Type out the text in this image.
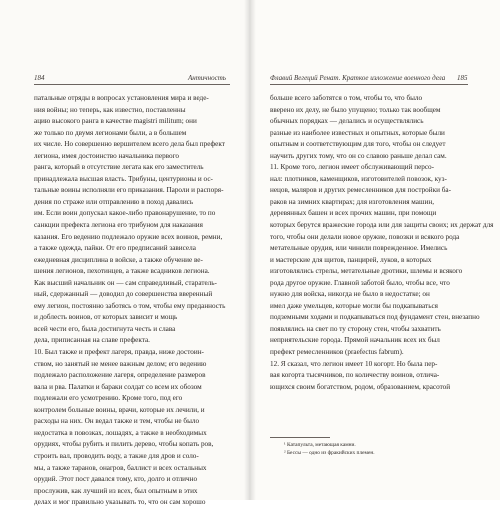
184	Античность
патальные отряды в вопросах установления мира и веде-
ния войны; но теперь, как известно, поставленны
ацию высокого ранга в качестве magistri militum; они
же только по двумя легионами были, а в большем
их числе. Но совершенно вершителем всего дела был префект
легиона, имея достоинство начальника первого
ранга, который в отсутствие легата как его заместитель
принадлежала высшая власть. Трибуны, центурионы и ос-
тальные воины исполняли его приказания. Пароли и распоря-
дения по страже или отправлению в поход давались
им. Если воин допускал какое-либо правонарушение, то по
санкции префекта легиона его трибуном для наказания
казания. Его ведению подлежало оружие всех воинов, ремни,
а также одежда, пайки. От его предписаний зависела
ежедневная дисциплина в войске, а также обучение ве-
шения легионов, пехотинцев, а также всадников легиона.
Как высший начальник он — сам справедливый, старатель-
ный, сдержанный — доводил до совершенства вверенный
ему легион, постоянно заботясь о том, чтобы ему преданность
и доблесть воинов, от которых зависит и мощь
всей чести его, была достигнута честь и слава
дела, приписанная на славе префекта.
10. Был также и префект лагеря, правда, ниже достоин-
ством, но занятый не менее важным делом; его ведению
подлежало расположение лагеря, определение размеров
вала и рва. Палатки и бараки солдат со всем их обозом
подлежали его усмотрению. Кроме того, под его
контролем больные воины, врачи, которые их лечили, и
расходы на них. Он ведал также и тем, чтобы не было
недостатка в повозках, лошадях, а также в необходимых
орудиях, чтобы рубить и пилить дерево, чтобы копать ров,
строить вал, проводить воду, а также для дров и соло-
мы, а также таранов, онагров, баллист и всех остальных
орудий. Этот пост давался тому, кто, долго и отлично
прослужив, как лучший из всех, был опытным в этих
делах и мог правильно указывать то, что он сам хорошо
Флавий Вегеций Ренат. Краткое изложение военного дела 185
больше всего заботятся о том, чтобы то, что было
вверено их делу, не было упущено; только так вообщем
обычных порядках — делались и осуществлялись
разные из наиболее известных и опытных, которые были
опытным и соответствующим для того, чтобы он следует
научить других тому, что он со славою раньше делал сам.
11. Кроме того, легион имеет обслуживающий персо-
нал: плотников, каменщиков, изготовителей повозок, куз-
нецов, маляров и других ремесленников для постройки ба-
раков на зимних квартирах; для изготовления машин,
деревянных башен и всех прочих машин, при помощи
которых берутся вражеские города или для защиты своих; их держат для
того, чтобы они делали новое оружие, повозки и всякого рода
метательные орудия, или чинили поврежденное. Имелись
и мастерские для щитов, панцирей, луков, в которых
изготовлялись стрелы, метательные дротики, шлемы и всякого
рода другое оружие. Главной заботой было, чтобы все, что
нужно для войска, никогда не было в недостатке; он
имел даже умельцев, которые могли бы подкапываться
подземными ходами и подкапываться под фундамент стен, внезапно
появлялись на свет по ту сторону стен, чтобы захватить
неприятельские города. Прямой начальник всех их был
префект ремесленников (praefectus fabrum).
12. Я сказал, что легион имеет 10 когорт. Но была пер-
вая когорта тысячников, по количеству воинов, отлича-
ющихся своим богатством, родом, образованием, красотой
¹ Катапульта, метающая камни.
² Бессы — одно из фракийских племен.
